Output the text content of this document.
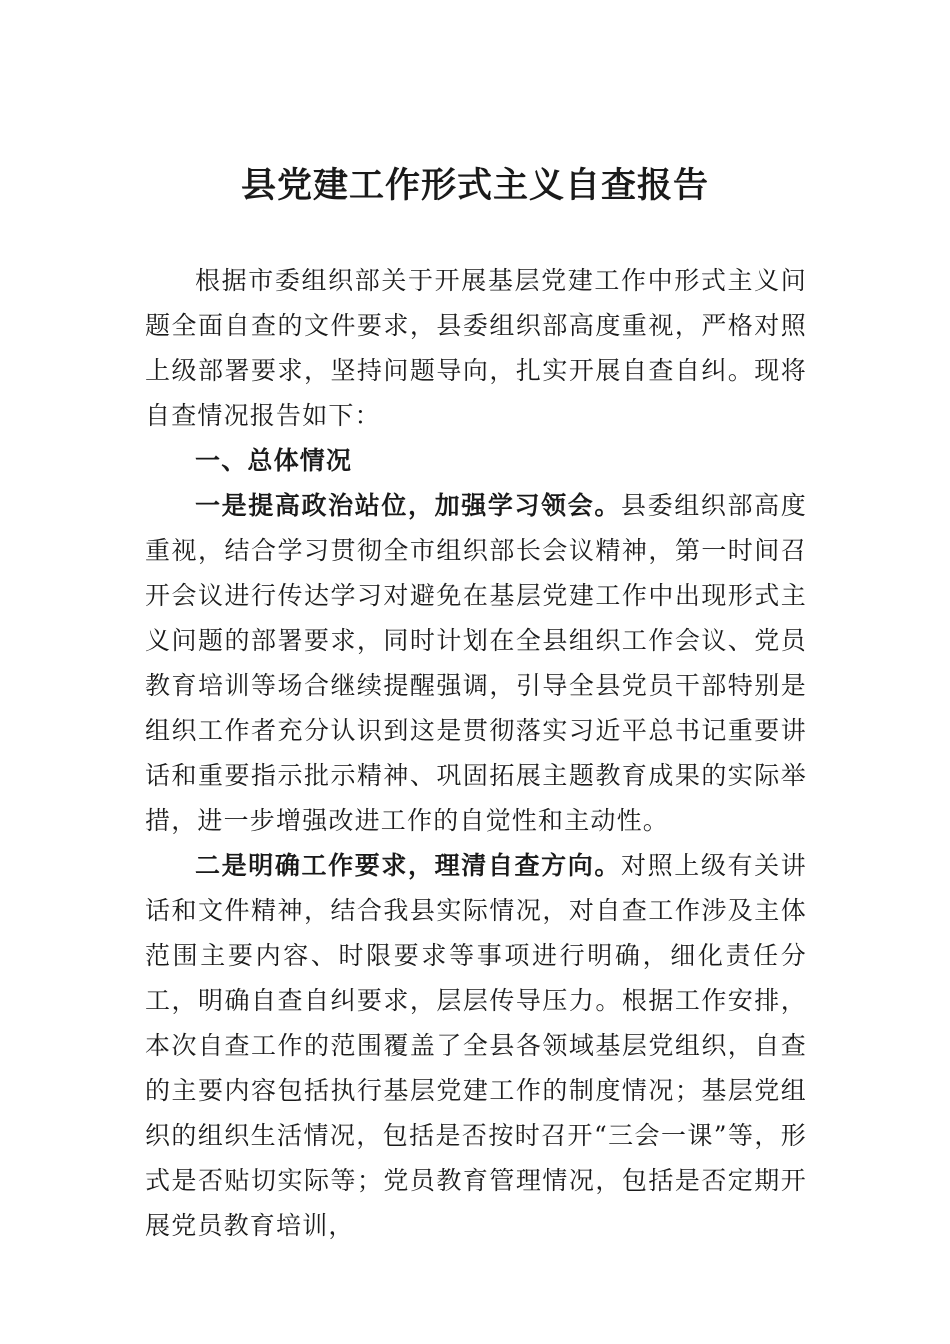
县党建工作形式主义自查报告

根据市委组织部关于开展基层党建工作中形式主义问题全面自查的文件要求，县委组织部高度重视，严格对照上级部署要求，坚持问题导向，扎实开展自查自纠。现将自查情况报告如下：

一、总体情况

一是提高政治站位，加强学习领会。县委组织部高度重视，结合学习贯彻全市组织部长会议精神，第一时间召开会议进行传达学习对避免在基层党建工作中出现形式主义问题的部署要求，同时计划在全县组织工作会议、党员教育培训等场合继续提醒强调，引导全县党员干部特别是组织工作者充分认识到这是贯彻落实习近平总书记重要讲话和重要指示批示精神、巩固拓展主题教育成果的实际举措，进一步增强改进工作的自觉性和主动性。

二是明确工作要求，理清自查方向。对照上级有关讲话和文件精神，结合我县实际情况，对自查工作涉及主体范围主要内容、时限要求等事项进行明确，细化责任分工，明确自查自纠要求，层层传导压力。根据工作安排，本次自查工作的范围覆盖了全县各领域基层党组织，自查的主要内容包括执行基层党建工作的制度情况；基层党组织的组织生活情况，包括是否按时召开“三会一课”等，形式是否贴切实际等；党员教育管理情况，包括是否定期开展党员教育培训，
